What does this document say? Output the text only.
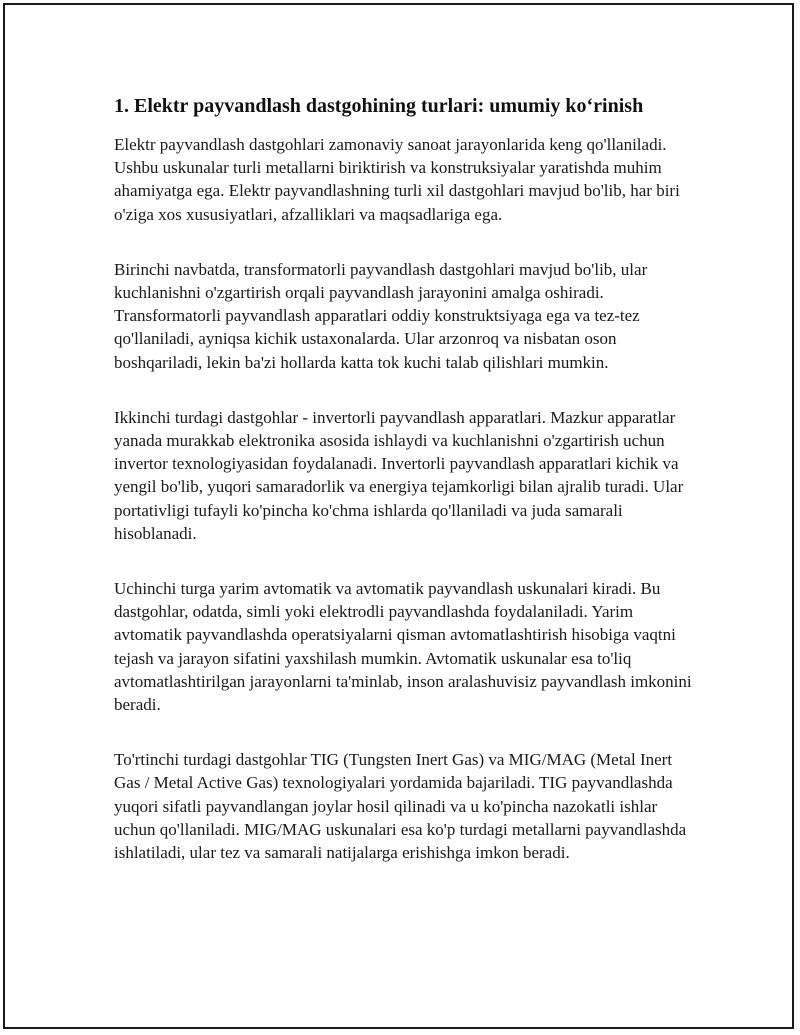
1. Elektr payvandlash dastgohining turlari: umumiy ko‘rinish

Elektr payvandlash dastgohlari zamonaviy sanoat jarayonlarida keng qo'llaniladi. Ushbu uskunalar turli metallarni biriktirish va konstruksiyalar yaratishda muhim ahamiyatga ega. Elektr payvandlashning turli xil dastgohlari mavjud bo'lib, har biri o'ziga xos xususiyatlari, afzalliklari va maqsadlariga ega.

Birinchi navbatda, transformatorli payvandlash dastgohlari mavjud bo'lib, ular kuchlanishni o'zgartirish orqali payvandlash jarayonini amalga oshiradi. Transformatorli payvandlash apparatlari oddiy konstruktsiyaga ega va tez-tez qo'llaniladi, ayniqsa kichik ustaxonalarda. Ular arzonroq va nisbatan oson boshqariladi, lekin ba'zi hollarda katta tok kuchi talab qilishlari mumkin.

Ikkinchi turdagi dastgohlar - invertorli payvandlash apparatlari. Mazkur apparatlar yanada murakkab elektronika asosida ishlaydi va kuchlanishni o'zgartirish uchun invertor texnologiyasidan foydalanadi. Invertorli payvandlash apparatlari kichik va yengil bo'lib, yuqori samaradorlik va energiya tejamkorligi bilan ajralib turadi. Ular portativligi tufayli ko'pincha ko'chma ishlarda qo'llaniladi va juda samarali hisoblanadi.

Uchinchi turga yarim avtomatik va avtomatik payvandlash uskunalari kiradi. Bu dastgohlar, odatda, simli yoki elektrodli payvandlashda foydalaniladi. Yarim avtomatik payvandlashda operatsiyalarni qisman avtomatlashtirish hisobiga vaqtni tejash va jarayon sifatini yaxshilash mumkin. Avtomatik uskunalar esa to'liq avtomatlashtirilgan jarayonlarni ta'minlab, inson aralashuvisiz payvandlash imkonini beradi.

To'rtinchi turdagi dastgohlar TIG (Tungsten Inert Gas) va MIG/MAG (Metal Inert Gas / Metal Active Gas) texnologiyalari yordamida bajariladi. TIG payvandlashda yuqori sifatli payvandlangan joylar hosil qilinadi va u ko'pincha nazokatli ishlar uchun qo'llaniladi. MIG/MAG uskunalari esa ko'p turdagi metallarni payvandlashda ishlatiladi, ular tez va samarali natijalarga erishishga imkon beradi.
